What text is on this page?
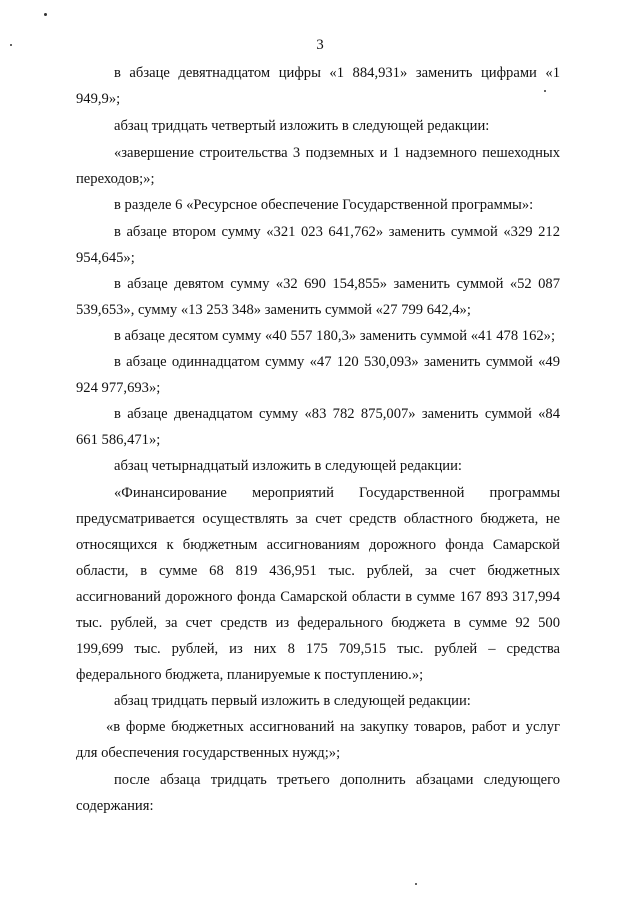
3

в абзаце девятнадцатом цифры «1 884,931» заменить цифрами «1 949,9»;

абзац тридцать четвертый изложить в следующей редакции:

«завершение строительства 3 подземных и 1 надземного пешеходных переходов;»;

в разделе 6 «Ресурсное обеспечение Государственной программы»:

в абзаце втором сумму «321 023 641,762» заменить суммой «329 212 954,645»;

в абзаце девятом сумму «32 690 154,855» заменить суммой «52 087 539,653», сумму «13 253 348» заменить суммой «27 799 642,4»;

в абзаце десятом сумму «40 557 180,3» заменить суммой «41 478 162»;

в абзаце одиннадцатом сумму «47 120 530,093» заменить суммой «49 924 977,693»;

в абзаце двенадцатом сумму «83 782 875,007» заменить суммой «84 661 586,471»;

абзац четырнадцатый изложить в следующей редакции:

«Финансирование мероприятий Государственной программы предусматривается осуществлять за счет средств областного бюджета, не относящихся к бюджетным ассигнованиям дорожного фонда Самарской области, в сумме 68 819 436,951 тыс. рублей, за счет бюджетных ассигнований дорожного фонда Самарской области в сумме 167 893 317,994 тыс. рублей, за счет средств из федерального бюджета в сумме 92 500 199,699 тыс. рублей, из них 8 175 709,515 тыс. рублей – средства федерального бюджета, планируемые к поступлению.»;

абзац тридцать первый изложить в следующей редакции:

«в форме бюджетных ассигнований на закупку товаров, работ и услуг для обеспечения государственных нужд;»;

после абзаца тридцать третьего дополнить абзацами следующего содержания:
